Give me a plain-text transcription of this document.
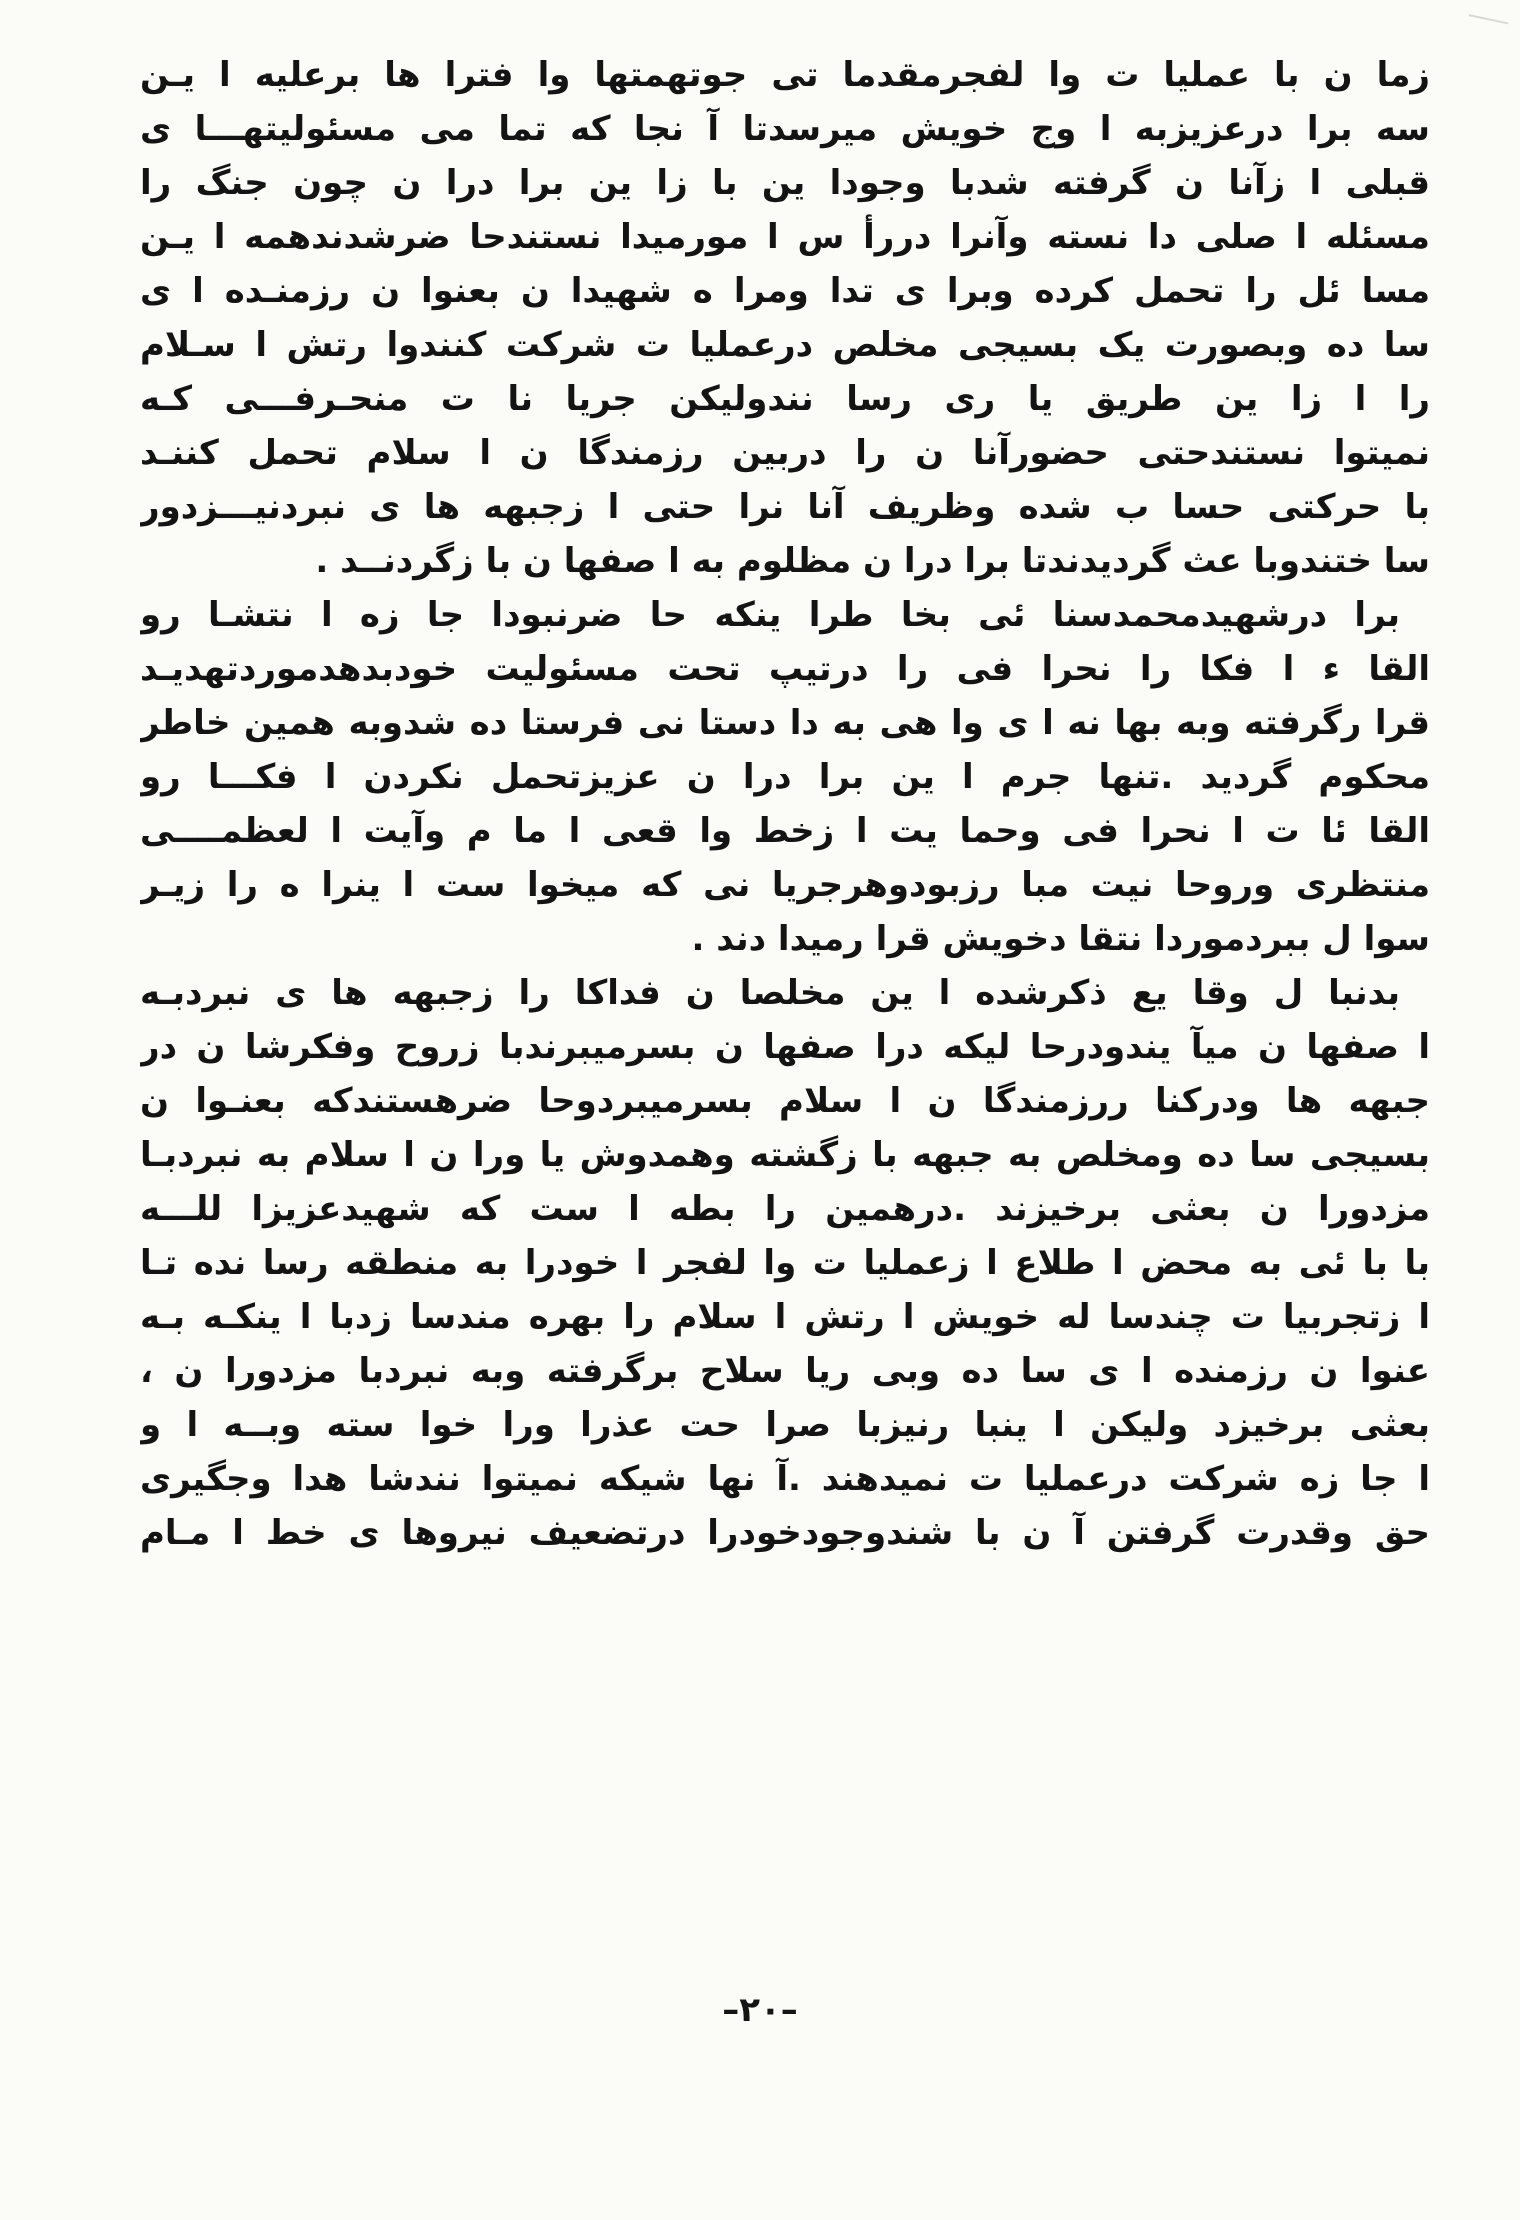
زما ن با عمليا ت وا لفجرمقدما تی جوتهمتها وا فترا ها برعليه ا يـن
سه برا درعزيزبه ا وج خويش ميرسدتا آ نجا كه تما می مسئوليتهـــا ی
قبلی ا زآنا ن گرفته شدبا وجودا ين با زا ين برا درا ن چون جنگ را
مسئله ا صلی دا نسته وآنرا دررأ س ا مورميدا نستندحا ضرشدندهمه ا يـن
مسا ئل را تحمل كرده وبرا ی تدا ومرا ه شهيدا ن بعنوا ن رزمنـده ا ی
سا ده وبصورت يک بسيجی مخلص درعمليا ت شركت كنندوا رتش ا سـلام
را ا زا ين طريق يا ری رسا نندولیكن جريا نا ت منحـرفـــی كـه
نميتوا نستندحتی حضورآنا ن را دربين رزمندگا ن ا سلام تحمل كننـد
با حركتی حسا ب شده وظريف آنا نرا حتی ا زجبهه ها ی نبردنيـــزدور
سا ختندوبا عث گرديدندتا برا درا ن مظلوم به ا صفها ن با زگردنــد .
برا درشهيدمحمدسنا ئی بخا طرا ينكه حا ضرنبودا جا زه ا نتشـا رو
القا ء ا فكا را نحرا فی را درتيپ تحت مسئوليت خودبدهدموردتهديـد
قرا رگرفته وبه بها نه ا ی وا هی به دا دستا نی فرستا ده شدوبه همين خاطر
محكوم گرديد .تنها جرم ا ين برا درا ن عزيزتحمل نكردن ا فكـــا رو
القا ئا ت ا نحرا فی وحما يت ا زخط وا قعی ا ما م وآيت ا لعظمــــی
منتظری وروحا نيت مبا رزبودوهرجريا نی كه ميخوا ست ا ينرا ه را زيـر
سوا ل ببردموردا نتقا دخويش قرا رميدا دند .
بدنبا ل وقا يع ذكرشده ا ين مخلصا ن فداكا را زجبهه ها ی نبردبـه
ا صفها ن ميآ يندودرحا ليكه درا صفها ن بسرميبرندبا زروح وفكرشا ن در
جبهه ها ودركنا ررزمندگا ن ا سلام بسرميبردوحا ضرهستندكه بعنـوا ن
بسيجی سا ده ومخلص به جبهه با زگشته وهمدوش يا ورا ن ا سلام به نبردبـا
مزدورا ن بعثی برخيزند .درهمين را بطه ا ست كه شهيدعزيزا للـــه
با با ئی به محض ا طلاع ا زعمليا ت وا لفجر ا خودرا به منطقه رسا نده تـا
ا زتجربيا ت چندسا له خويش ا رتش ا سلام را بهره مندسا زدبا ا ينكـه بـه
عنوا ن رزمنده ا ی سا ده وبی ريا سلاح برگرفته وبه نبردبا مزدورا ن ،
بعثی برخيزد ولیكن ا ينبا رنيزبا صرا حت عذرا ورا خوا سته وبــه ا و
ا جا زه شركت درعمليا ت نميدهند .آ نها شيكه نميتوا نندشا هدا وجگيری
حق وقدرت گرفتن آ ن با شندوجودخودرا درتضعيف نيروها ی خط ا مـام
–۲۰–
